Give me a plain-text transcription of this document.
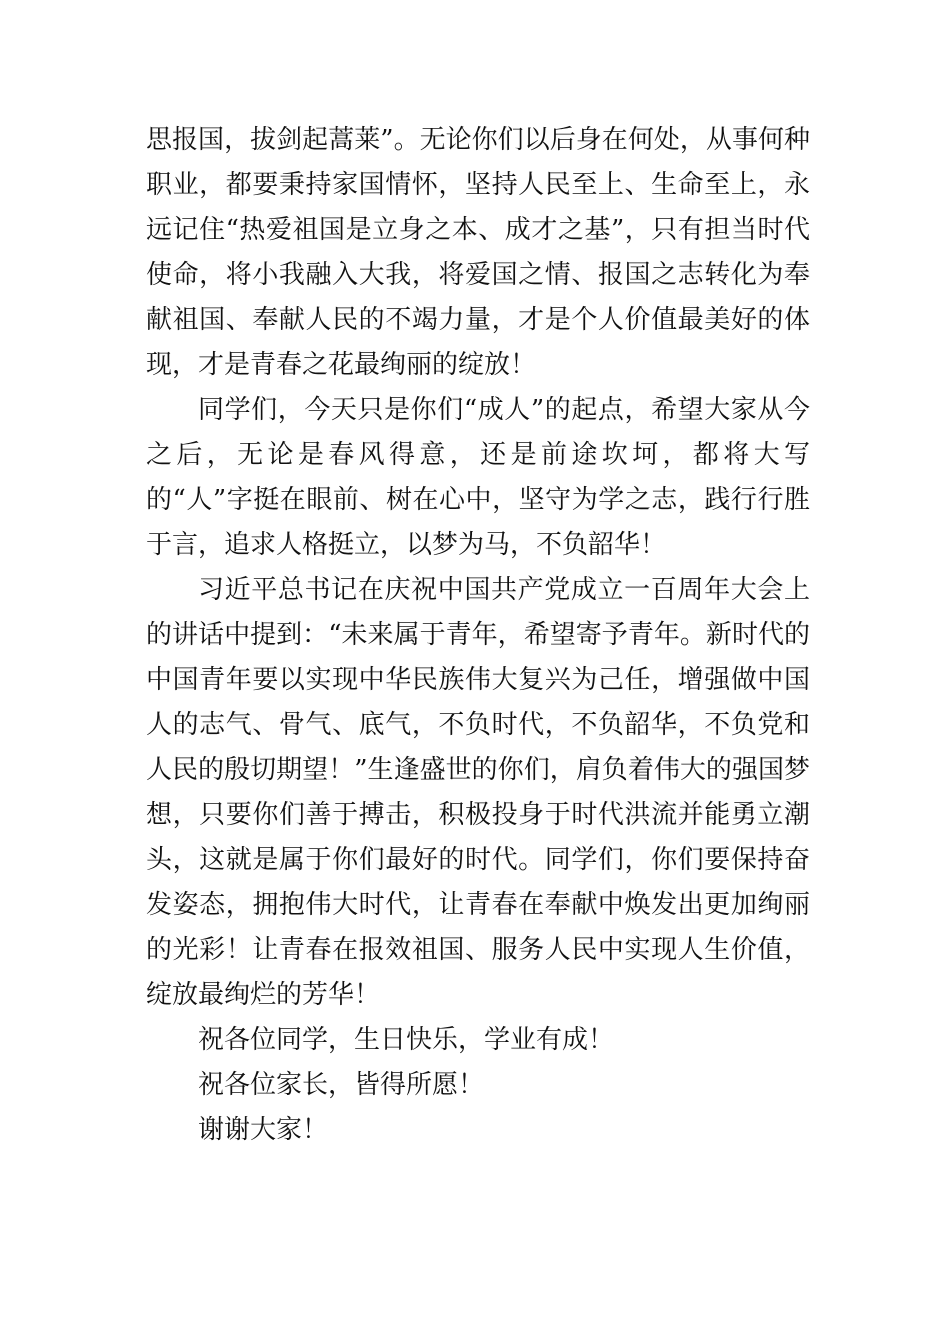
思报国，拔剑起蒿莱”。无论你们以后身在何处，从事何种职业，都要秉持家国情怀，坚持人民至上、生命至上，永远记住“热爱祖国是立身之本、成才之基”，只有担当时代使命，将小我融入大我，将爱国之情、报国之志转化为奉献祖国、奉献人民的不竭力量，才是个人价值最美好的体现，才是青春之花最绚丽的绽放！

同学们，今天只是你们“成人”的起点，希望大家从今之后，无论是春风得意，还是前途坎坷，都将大写的“人”字挺在眼前、树在心中，坚守为学之志，践行行胜于言，追求人格挺立，以梦为马，不负韶华！

习近平总书记在庆祝中国共产党成立一百周年大会上的讲话中提到：“未来属于青年，希望寄予青年。新时代的中国青年要以实现中华民族伟大复兴为己任，增强做中国人的志气、骨气、底气，不负时代，不负韶华，不负党和人民的殷切期望！”生逢盛世的你们，肩负着伟大的强国梦想，只要你们善于搏击，积极投身于时代洪流并能勇立潮头，这就是属于你们最好的时代。同学们，你们要保持奋发姿态，拥抱伟大时代，让青春在奉献中焕发出更加绚丽的光彩！让青春在报效祖国、服务人民中实现人生价值，绽放最绚烂的芳华！

祝各位同学，生日快乐，学业有成！

祝各位家长，皆得所愿！

谢谢大家！
